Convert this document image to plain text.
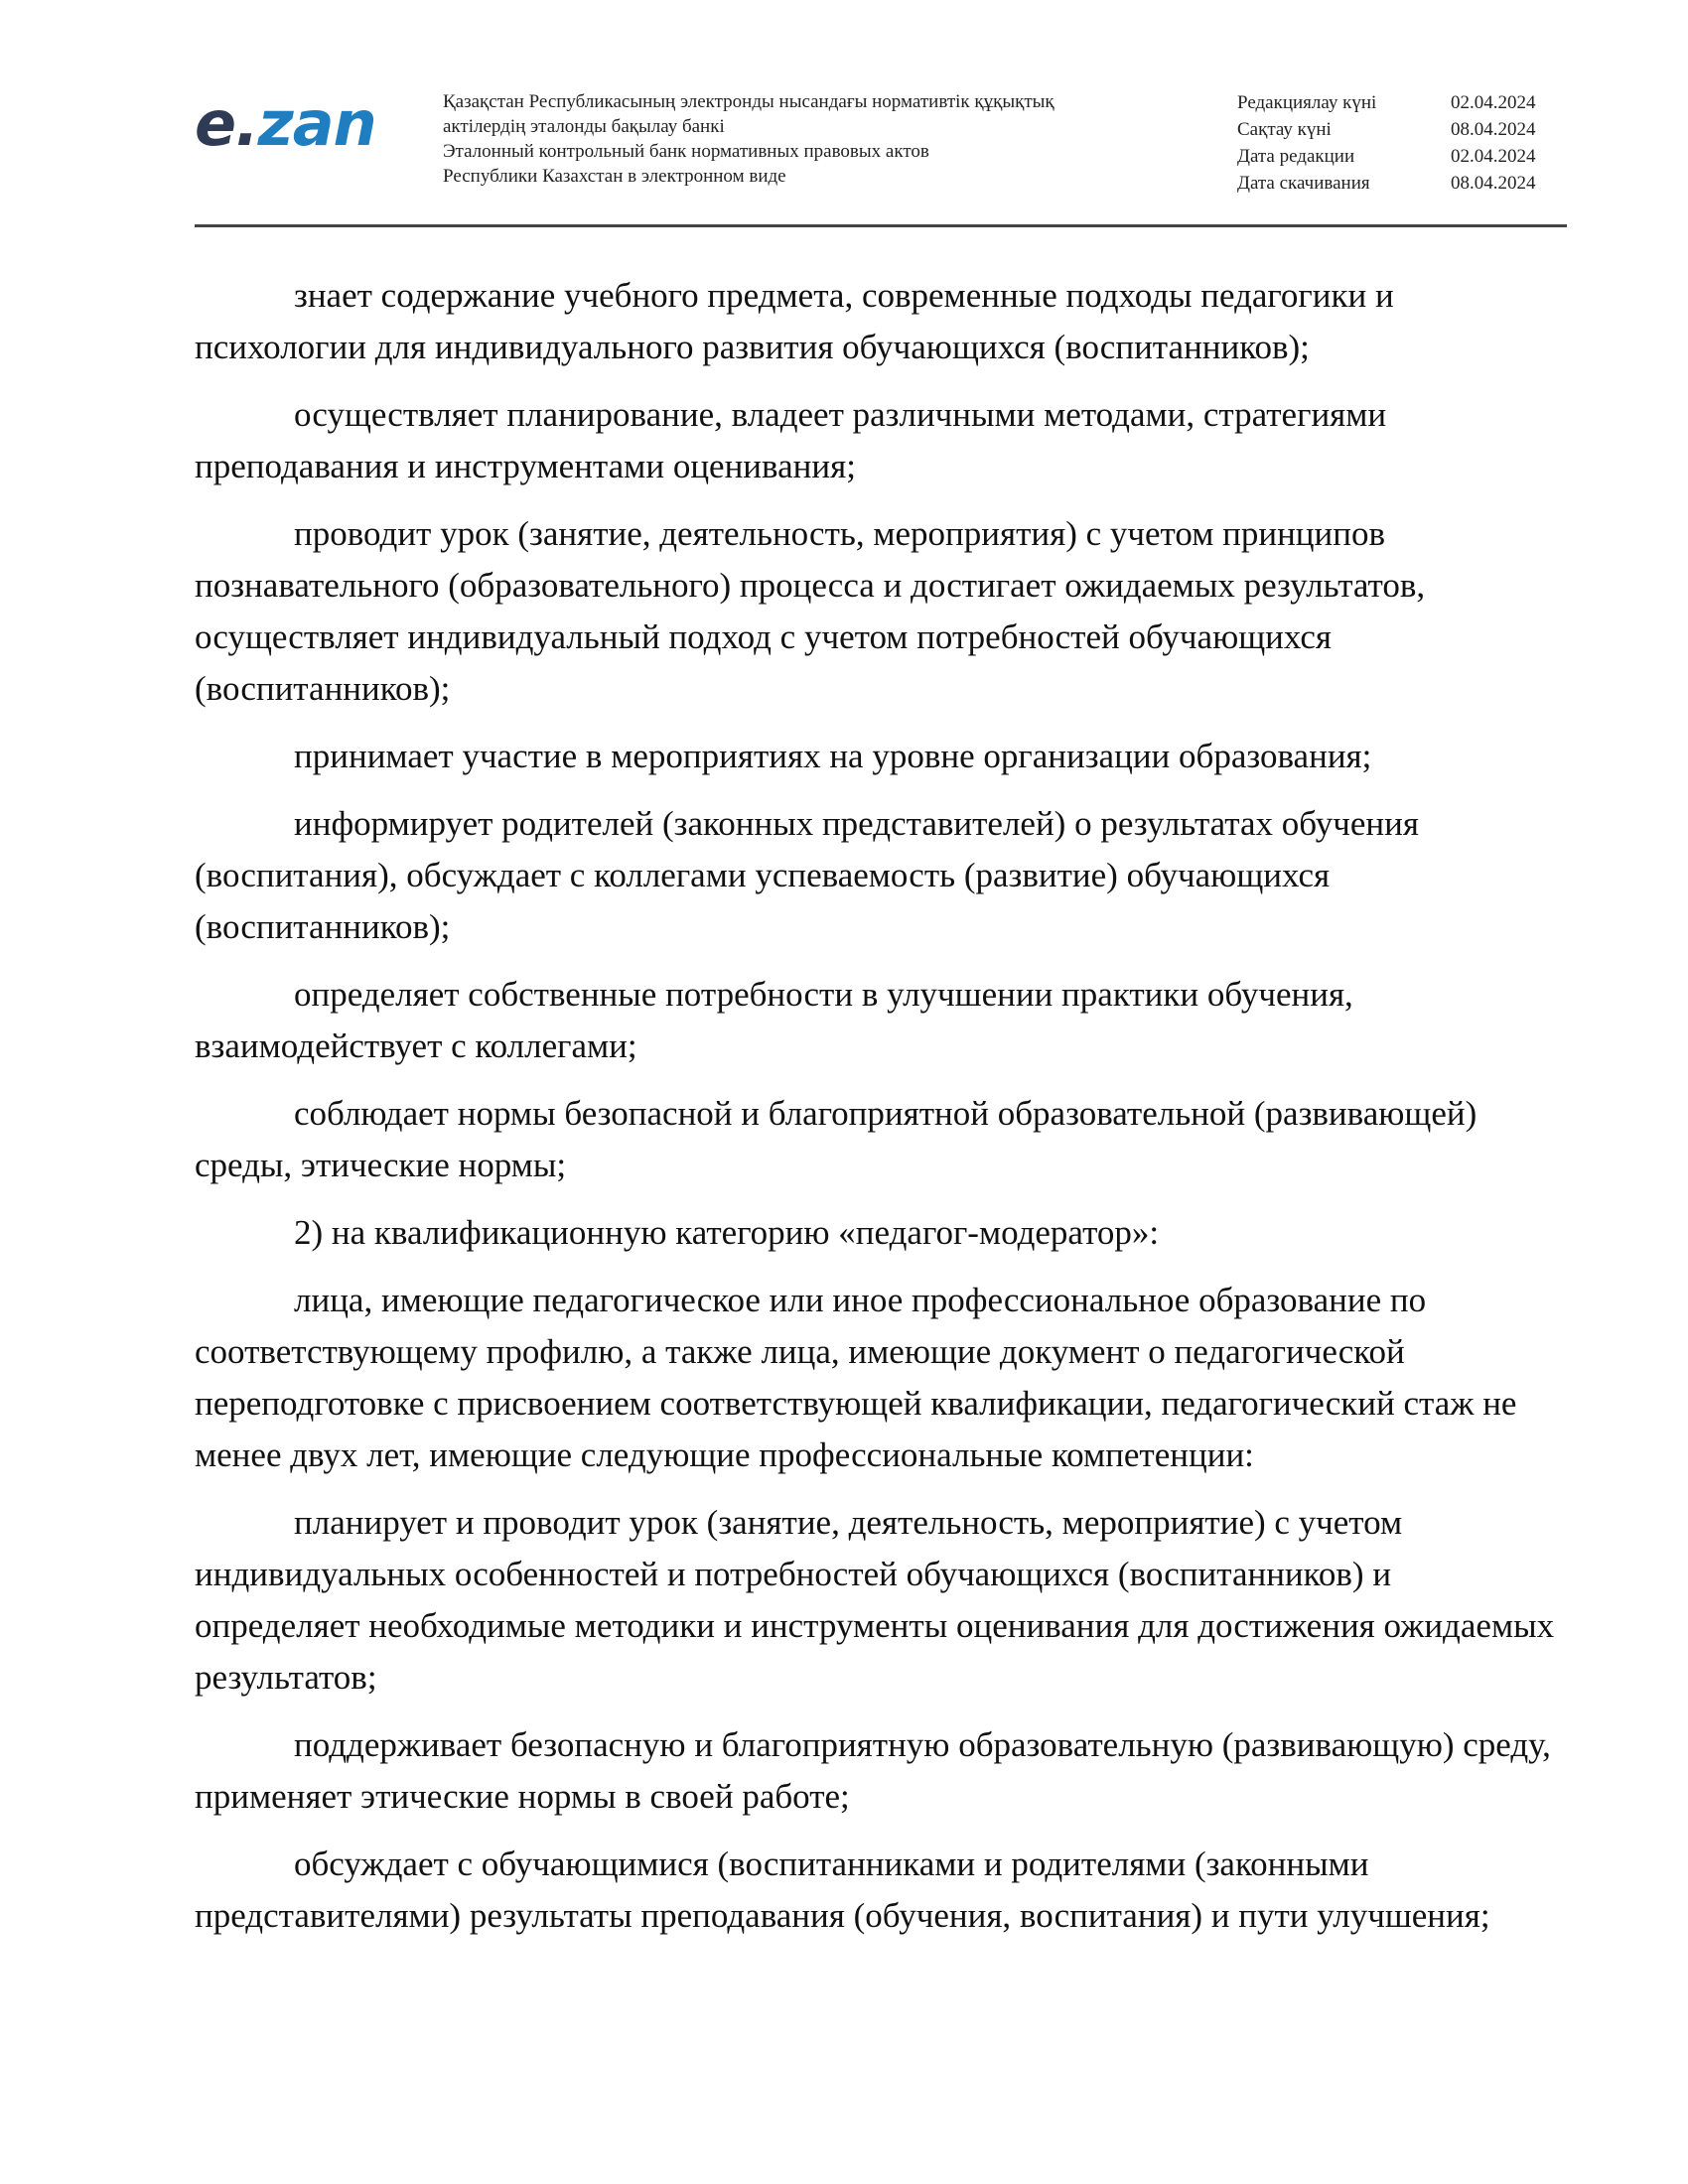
e.zan	Қазақстан Республикасының электронды нысандағы нормативтік құқықтық
актілердің эталонды бақылау банкі
Эталонный контрольный банк нормативных правовых актов
Республики Казахстан в электронном виде
Редакциялау күні	02.04.2024
Сақтау күні	08.04.2024
Дата редакции	02.04.2024
Дата скачивания	08.04.2024

знает содержание учебного предмета, современные подходы педагогики и психологии для индивидуального развития обучающихся (воспитанников);

осуществляет планирование, владеет различными методами, стратегиями преподавания и инструментами оценивания;

проводит урок (занятие, деятельность, мероприятия) с учетом принципов познавательного (образовательного) процесса и достигает ожидаемых результатов, осуществляет индивидуальный подход с учетом потребностей обучающихся (воспитанников);

принимает участие в мероприятиях на уровне организации образования;

информирует родителей (законных представителей) о результатах обучения (воспитания), обсуждает с коллегами успеваемость (развитие) обучающихся (воспитанников);

определяет собственные потребности в улучшении практики обучения, взаимодействует с коллегами;

соблюдает нормы безопасной и благоприятной образовательной (развивающей) среды, этические нормы;

2) на квалификационную категорию «педагог-модератор»:

лица, имеющие педагогическое или иное профессиональное образование по соответствующему профилю, а также лица, имеющие документ о педагогической переподготовке с присвоением соответствующей квалификации, педагогический стаж не менее двух лет, имеющие следующие профессиональные компетенции:

планирует и проводит урок (занятие, деятельность, мероприятие) с учетом индивидуальных особенностей и потребностей обучающихся (воспитанников) и определяет необходимые методики и инструменты оценивания для достижения ожидаемых результатов;

поддерживает безопасную и благоприятную образовательную (развивающую) среду, применяет этические нормы в своей работе;

обсуждает с обучающимися (воспитанниками и родителями (законными представителями) результаты преподавания (обучения, воспитания) и пути улучшения;
